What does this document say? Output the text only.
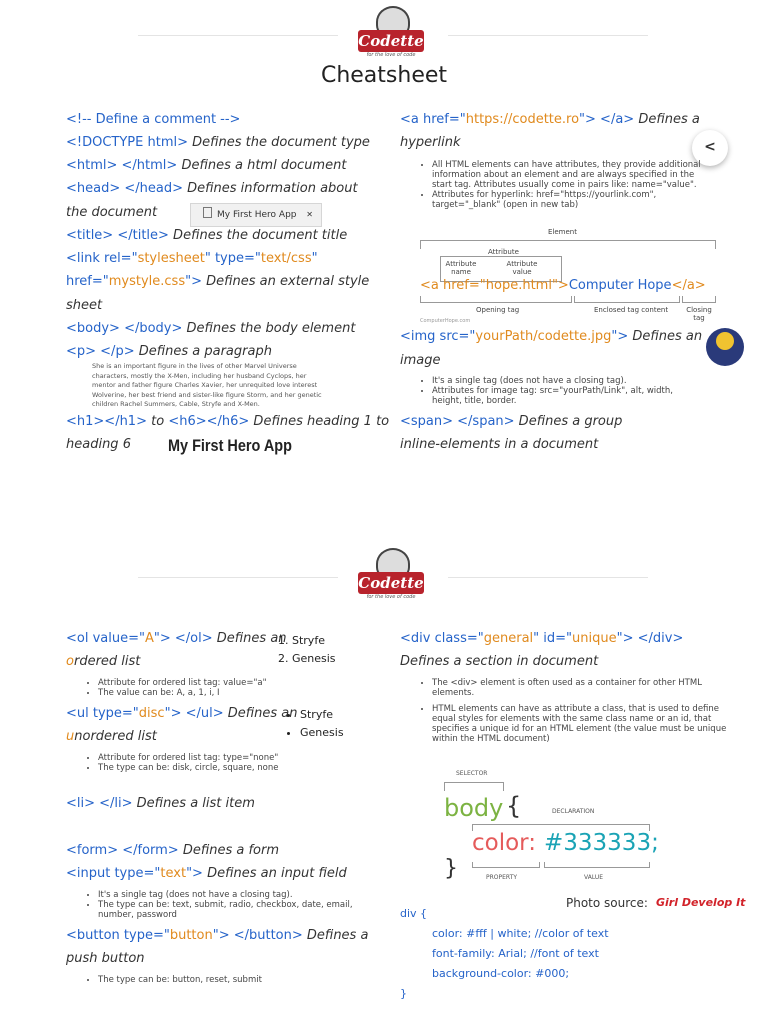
Codette
for the love of code
Cheatsheet
<!-- Define a comment -->
<!DOCTYPE html> Defines the document type
<html> </html> Defines a html document
<head> </head> Defines information about
the document	My First Hero App ✕
<title> </title> Defines the document title
<link rel="stylesheet" type="text/css"
href="mystyle.css"> Defines an external style
sheet
<body> </body> Defines the body element
<p> </p> Defines a paragraph
She is an important figure in the lives of other Marvel Universe characters, mostly the X-Men, including her husband Cyclops, her mentor and father figure Charles Xavier, her unrequited love interest Wolverine, her best friend and sister-like figure Storm, and her genetic children Rachel Summers, Cable, Stryfe and X-Men.
<h1></h1> to <h6></h6> Defines heading 1 to
heading 6 My First Hero App
<a href="https://codette.ro"> </a> Defines a
hyperlink	<
• All HTML elements can have attributes, they provide additional information about an element and are always specified in the start tag. Attributes usually come in pairs like: name="value".
• Attributes for hyperlink: href="https://yourlink.com", target="_blank" (open in new tab)
Element
Attribute
Attribute name
Attribute value
<a href="hope.html">Computer Hope</a>
Opening tag	Enclosed tag content	Closing tag
ComputerHope.com
<img src="yourPath/codette.jpg"> Defines an
image
• It's a single tag (does not have a closing tag).
• Attributes for image tag: src="yourPath/Link", alt, width, height, title, border.
<span> </span> Defines a group
inline-elements in a document
Codette
for the love of code
<ol value="A"> </ol> Defines an
ordered list
1. Stryfe
2. Genesis
• Attribute for ordered list tag: value="a"
• The value can be: A, a, 1, i, I
<ul type="disc"> </ul> Defines an
unordered list
• Stryfe
• Genesis
• Attribute for ordered list tag: type="none"
• The type can be: disk, circle, square, none
<li> </li> Defines a list item
<form> </form> Defines a form
<input type="text"> Defines an input field
• It's a single tag (does not have a closing tag).
• The type can be: text, submit, radio, checkbox, date, email, number, password
<button type="button"> </button> Defines a
push button
• The type can be: button, reset, submit
<div class="general" id="unique"> </div>
Defines a section in document
• The <div> element is often used as a container for other HTML elements.
• HTML elements can have as attribute a class, that is used to define equal styles for elements with the same class name or an id, that specifies a unique id for an HTML element (the value must be unique within the HTML document)
SELECTOR
body {	DECLARATION
color: #333333;
}	PROPERTY	VALUE
Photo source: Girl Develop It
div {
color: #fff | white; //color of text
font-family: Arial; //font of text
background-color: #000;
}
